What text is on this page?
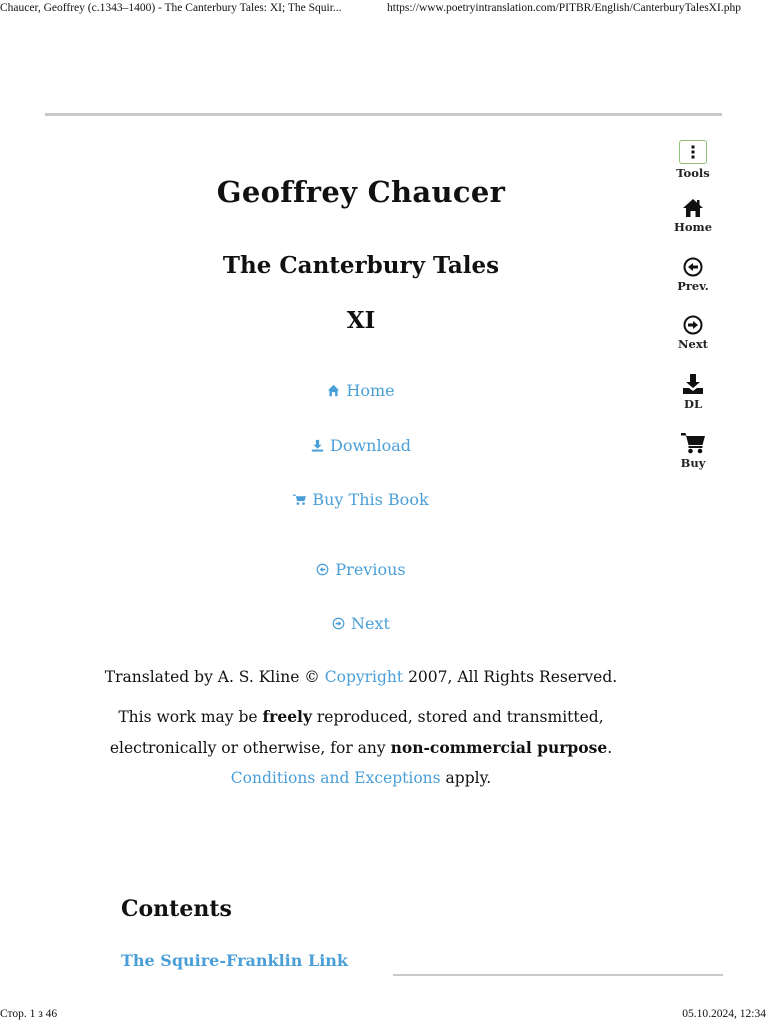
Chaucer, Geoffrey (c.1343–1400) - The Canterbury Tales: XI; The Squir...	https://www.poetryintranslation.com/PITBR/English/CanterburyTalesXI.php
Geoffrey Chaucer
The Canterbury Tales
XI
Home
Download
Buy This Book
Previous
Next
Translated by A. S. Kline © Copyright 2007, All Rights Reserved.
This work may be freely reproduced, stored and transmitted,
electronically or otherwise, for any non-commercial purpose.
Conditions and Exceptions apply.
Contents
The Squire-Franklin Link
Tools
Home
Prev.
Next
DL
Buy
Стор. 1 з 46	05.10.2024, 12:34
